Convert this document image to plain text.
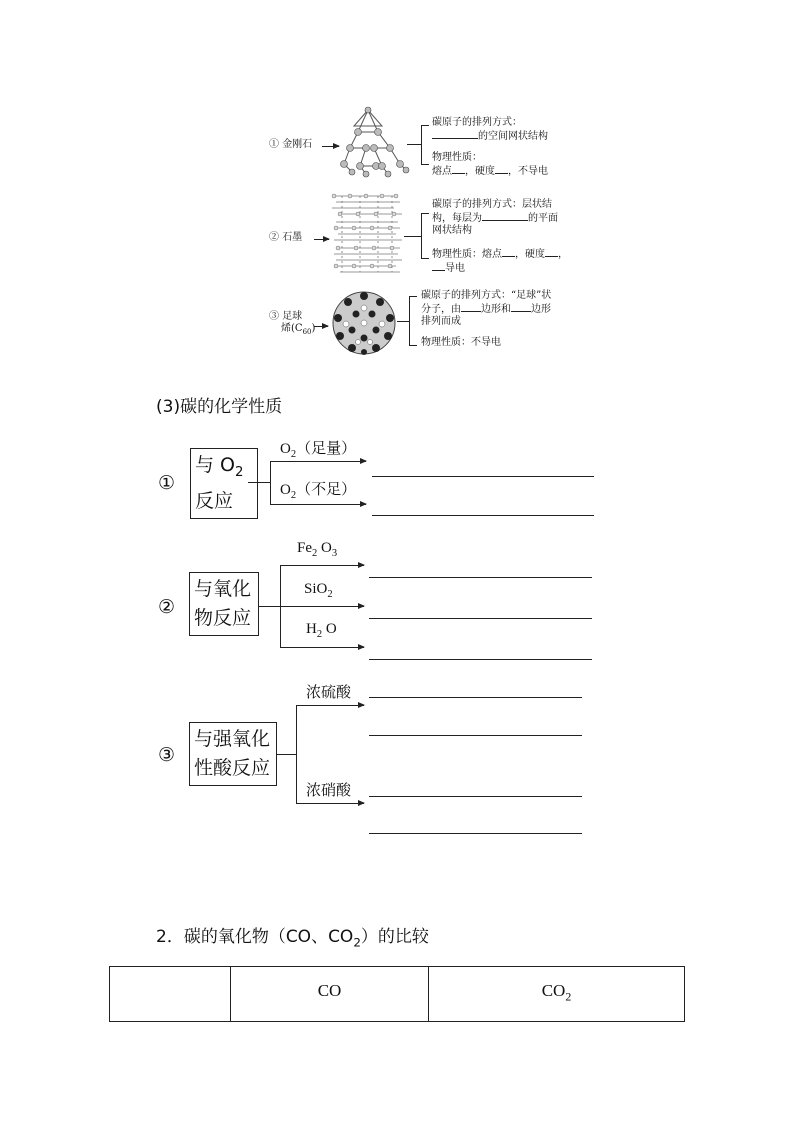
① 金刚石
碳原子的排列方式：
的空间网状结构
物理性质：
熔点 ，硬度 ，不导电
② 石墨
碳原子的排列方式：层状结
构，每层为	的平面
网状结构
物理性质：熔点 ，硬度 ，
导电
③ 足球
烯$(C_{60})$
碳原子的排列方式：“足球”状
分子，由 边形和 边形
排列而成
物理性质：不导电
(3)碳的化学性质
①
与 $O_2$
反应
$O_2$（足量）
$O_2$（不足）
②
与氧化
物反应
$Fe_2$ $O_3$
SiO$_2$
$H_2$ O
③
与强氧化
性酸反应
浓硫酸
浓硝酸
2．碳的氧化物（CO、$CO_2$）的比较
	CO	$CO_2$
